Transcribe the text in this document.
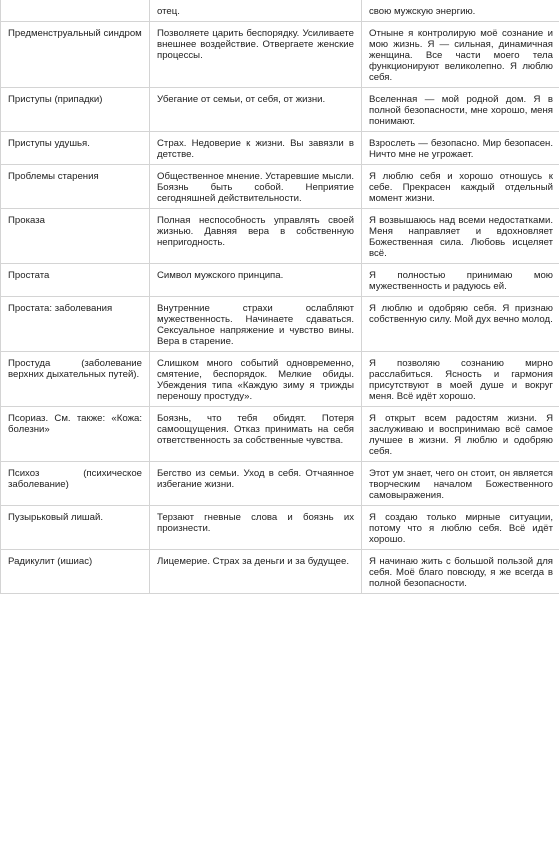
	отец.	свою мужскую энергию.
Предменструальный синдром	Позволяете царить беспорядку. Усиливаете внешнее воздействие. Отвергаете женские процессы.	Отныне я контролирую моё сознание и мою жизнь. Я — сильная, динамичная женщина. Все части моего тела функционируют великолепно. Я люблю себя.
Приступы (припадки)	Убегание от семьи, от себя, от жизни.	Вселенная — мой родной дом. Я в полной безопасности, мне хорошо, меня понимают.
Приступы удушья.	Страх. Недоверие к жизни. Вы завязли в детстве.	Взрослеть — безопасно. Мир безопасен. Ничто мне не угрожает.
Проблемы старения	Общественное мнение. Устаревшие мысли. Боязнь быть собой. Неприятие сегодняшней действительности.	Я люблю себя и хорошо отношусь к себе. Прекрасен каждый отдельный момент жизни.
Проказа	Полная неспособность управлять своей жизнью. Давняя вера в собственную непригодность.	Я возвышаюсь над всеми недостатками. Меня направляет и вдохновляет Божественная сила. Любовь исцеляет всё.
Простата	Символ мужского принципа.	Я полностью принимаю мою мужественность и радуюсь ей.
Простата: заболевания	Внутренние страхи ослабляют мужественность. Начинаете сдаваться. Сексуальное напряжение и чувство вины. Вера в старение.	Я люблю и одобряю себя. Я признаю собственную силу. Мой дух вечно молод.
Простуда (заболевание верхних дыхательных путей).	Слишком много событий одновременно, смятение, беспорядок. Мелкие обиды. Убеждения типа «Каждую зиму я трижды переношу простуду».	Я позволяю сознанию мирно расслабиться. Ясность и гармония присутствуют в моей душе и вокруг меня. Всё идёт хорошо.
Псориаз. См. также: «Кожа: болезни»	Боязнь, что тебя обидят. Потеря самоощущения. Отказ принимать на себя ответственность за собственные чувства.	Я открыт всем радостям жизни. Я заслуживаю и воспринимаю всё самое лучшее в жизни. Я люблю и одобряю себя.
Психоз (психическое заболевание)	Бегство из семьи. Уход в себя. Отчаянное избегание жизни.	Этот ум знает, чего он стоит, он является творческим началом Божественного самовыражения.
Пузырьковый лишай.	Терзают гневные слова и боязнь их произнести.	Я создаю только мирные ситуации, потому что я люблю себя. Всё идёт хорошо.
Радикулит (ишиас)	Лицемерие. Страх за деньги и за будущее.	Я начинаю жить с большой пользой для себя. Моё благо повсюду, я же всегда в полной безопасности.
